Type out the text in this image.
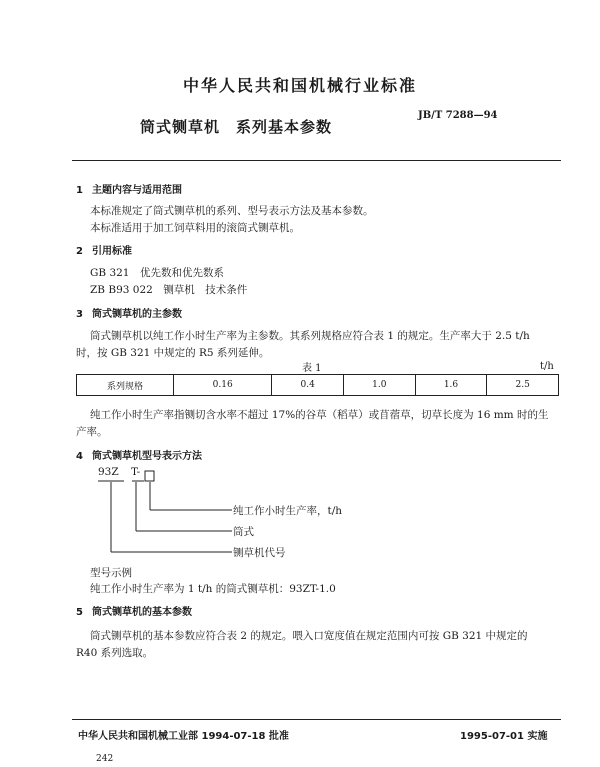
中华人民共和国机械行业标准
筒式铡草机　系列基本参数
JB/T 7288—94
1 主题内容与适用范围
本标准规定了筒式铡草机的系列、型号表示方法及基本参数。
本标准适用于加工饲草料用的滚筒式铡草机。
2 引用标准
GB 321　优先数和优先数系
ZB B93 022　铡草机　技术条件
3 筒式铡草机的主参数
筒式铡草机以纯工作小时生产率为主参数。其系列规格应符合表 1 的规定。生产率大于 2.5 t/h
时，按 GB 321 中规定的 R5 系列延伸。
表 1	t/h
系列规格	0.16	0.4	1.0	1.6	2.5
纯工作小时生产率指铡切含水率不超过 17%的谷草（稻草）或苜蓿草，切草长度为 16 mm 时的生
产率。
4 筒式铡草机型号表示方法
93Z T-
纯工作小时生产率，t/h
筒式
铡草机代号
型号示例
纯工作小时生产率为 1 t/h 的筒式铡草机：93ZT-1.0
5 筒式铡草机的基本参数
筒式铡草机的基本参数应符合表 2 的规定。喂入口宽度值在规定范围内可按 GB 321 中规定的
R40 系列选取。
中华人民共和国机械工业部 1994-07-18 批准	1995-07-01 实施
242
